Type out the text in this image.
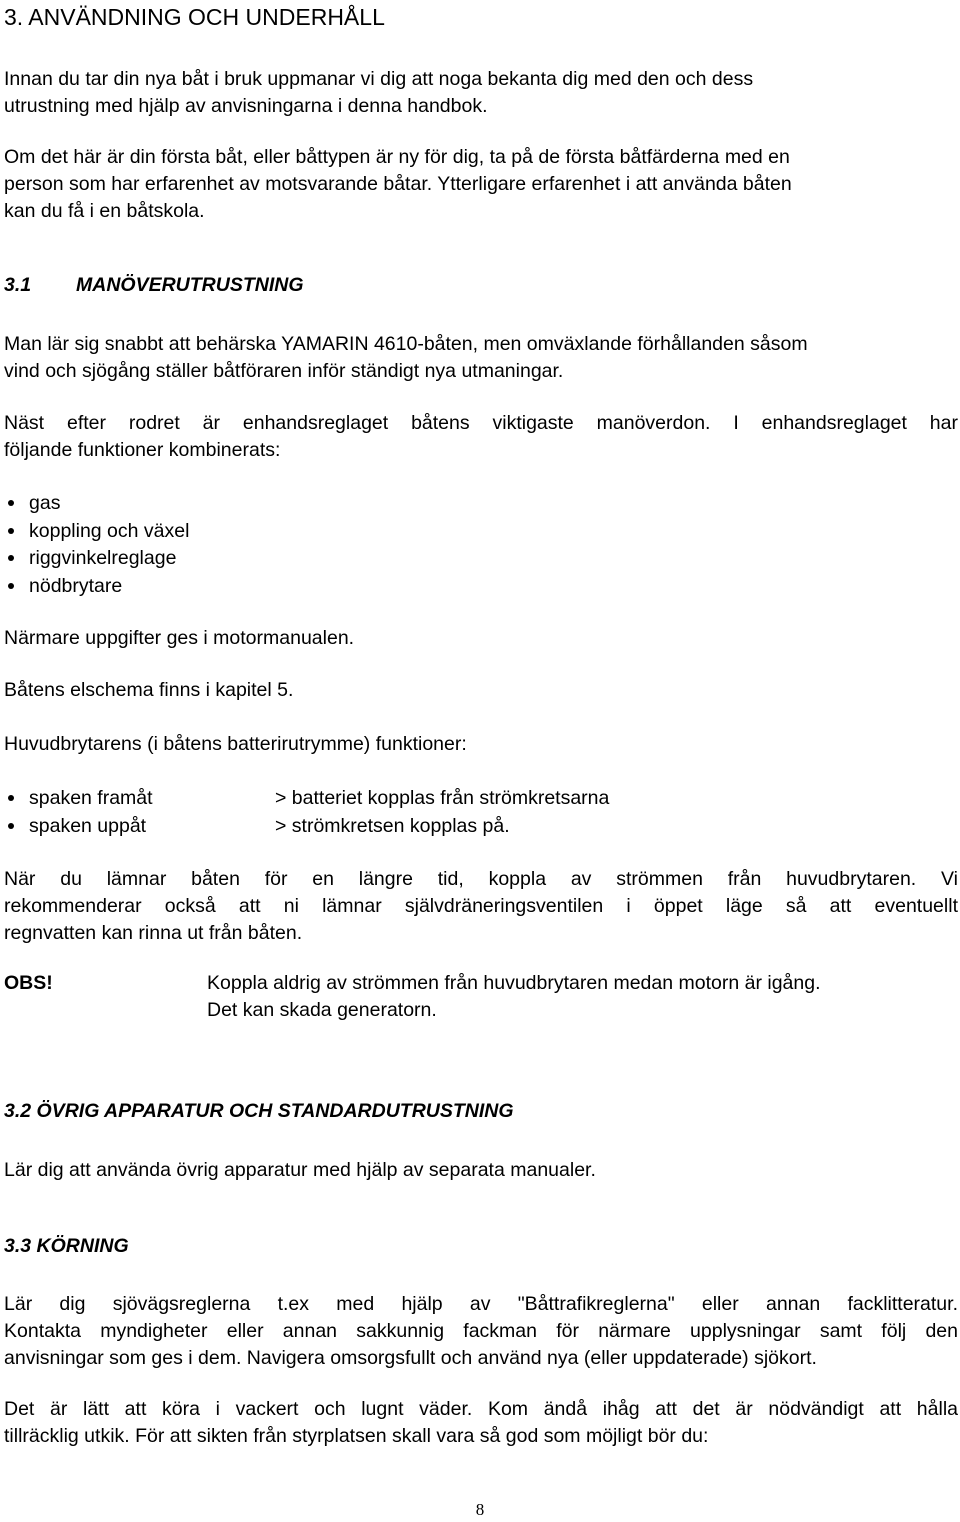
3. ANVÄNDNING OCH UNDERHÅLL
Innan du tar din nya båt i bruk uppmanar vi dig att noga bekanta dig med den och dess
utrustning med hjälp av anvisningarna i denna handbok.
Om det här är din första båt, eller båttypen är ny för dig, ta på de första båtfärderna med en
person som har erfarenhet av motsvarande båtar. Ytterligare erfarenhet i att använda båten
kan du få i en båtskola.
3.1 MANÖVERUTRUSTNING
Man lär sig snabbt att behärska YAMARIN 4610-båten, men omväxlande förhållanden såsom
vind och sjögång ställer båtföraren inför ständigt nya utmaningar.
Näst efter rodret är enhandsreglaget båtens viktigaste manöverdon. I enhandsreglaget har
följande funktioner kombinerats:
gas
koppling och växel
riggvinkelreglage
nödbrytare
Närmare uppgifter ges i motormanualen.
Båtens elschema finns i kapitel 5.
Huvudbrytarens (i båtens batterirutrymme) funktioner:
spaken framåt	> batteriet kopplas från strömkretsarna
spaken uppåt	> strömkretsen kopplas på.
När du lämnar båten för en längre tid, koppla av strömmen från huvudbrytaren. Vi
rekommenderar också att ni lämnar självdräneringsventilen i öppet läge så att eventuellt
regnvatten kan rinna ut från båten.
OBS!	Koppla aldrig av strömmen från huvudbrytaren medan motorn är igång.
Det kan skada generatorn.
3.2 ÖVRIG APPARATUR OCH STANDARDUTRUSTNING
Lär dig att använda övrig apparatur med hjälp av separata manualer.
3.3 KÖRNING
Lär dig sjövägsreglerna t.ex med hjälp av "Båttrafikreglerna" eller annan facklitteratur.
Kontakta myndigheter eller annan sakkunnig fackman för närmare upplysningar samt följ den
anvisningar som ges i dem. Navigera omsorgsfullt och använd nya (eller uppdaterade) sjökort.
Det är lätt att köra i vackert och lugnt väder. Kom ändå ihåg att det är nödvändigt att hålla
tillräcklig utkik. För att sikten från styrplatsen skall vara så god som möjligt bör du:
8
